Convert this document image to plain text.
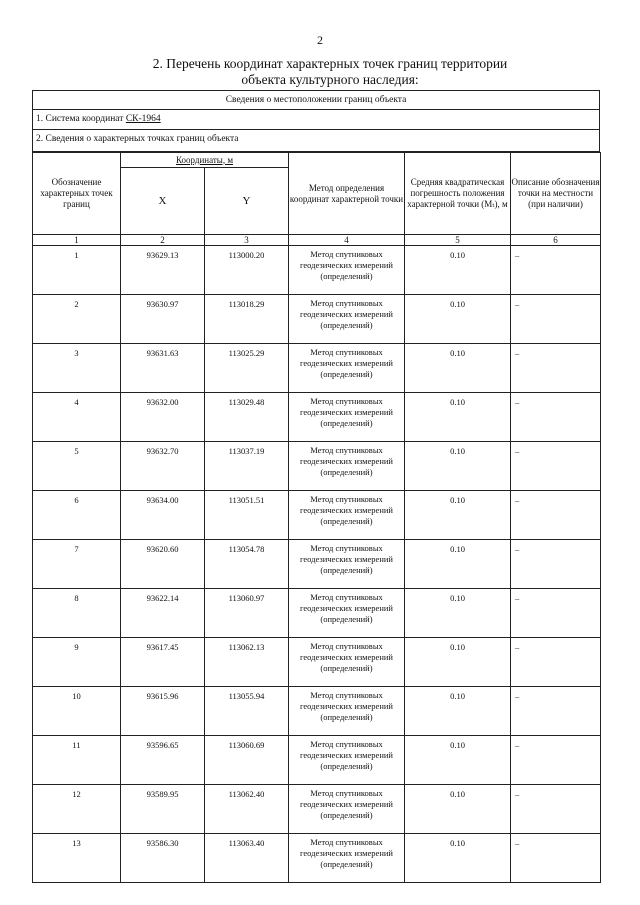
2
2. Перечень координат характерных точек границ территории
объекта культурного наследия:
Сведения о местоположении границ объекта
1. Система координат СК-1964
2. Сведения о характерных точках границ объекта
Обозначение характерных точек границ	Координаты, м		Метод определения координат характерной точки	Средняя квадратическая погрешность положения характерной точки (Mₜ), м	Описание обозначения точки на местности (при наличии)
	X	Y			
1	2	3	4	5	6
1	93629.13	113000.20	Метод спутниковых геодезических измерений (определений)	0.10	–
2	93630.97	113018.29	Метод спутниковых геодезических измерений (определений)	0.10	–
3	93631.63	113025.29	Метод спутниковых геодезических измерений (определений)	0.10	–
4	93632.00	113029.48	Метод спутниковых геодезических измерений (определений)	0.10	–
5	93632.70	113037.19	Метод спутниковых геодезических измерений (определений)	0.10	–
6	93634.00	113051.51	Метод спутниковых геодезических измерений (определений)	0.10	–
7	93620.60	113054.78	Метод спутниковых геодезических измерений (определений)	0.10	–
8	93622.14	113060.97	Метод спутниковых геодезических измерений (определений)	0.10	–
9	93617.45	113062.13	Метод спутниковых геодезических измерений (определений)	0.10	–
10	93615.96	113055.94	Метод спутниковых геодезических измерений (определений)	0.10	–
11	93596.65	113060.69	Метод спутниковых геодезических измерений (определений)	0.10	–
12	93589.95	113062.40	Метод спутниковых геодезических измерений (определений)	0.10	–
13	93586.30	113063.40	Метод спутниковых геодезических измерений (определений)	0.10	–
